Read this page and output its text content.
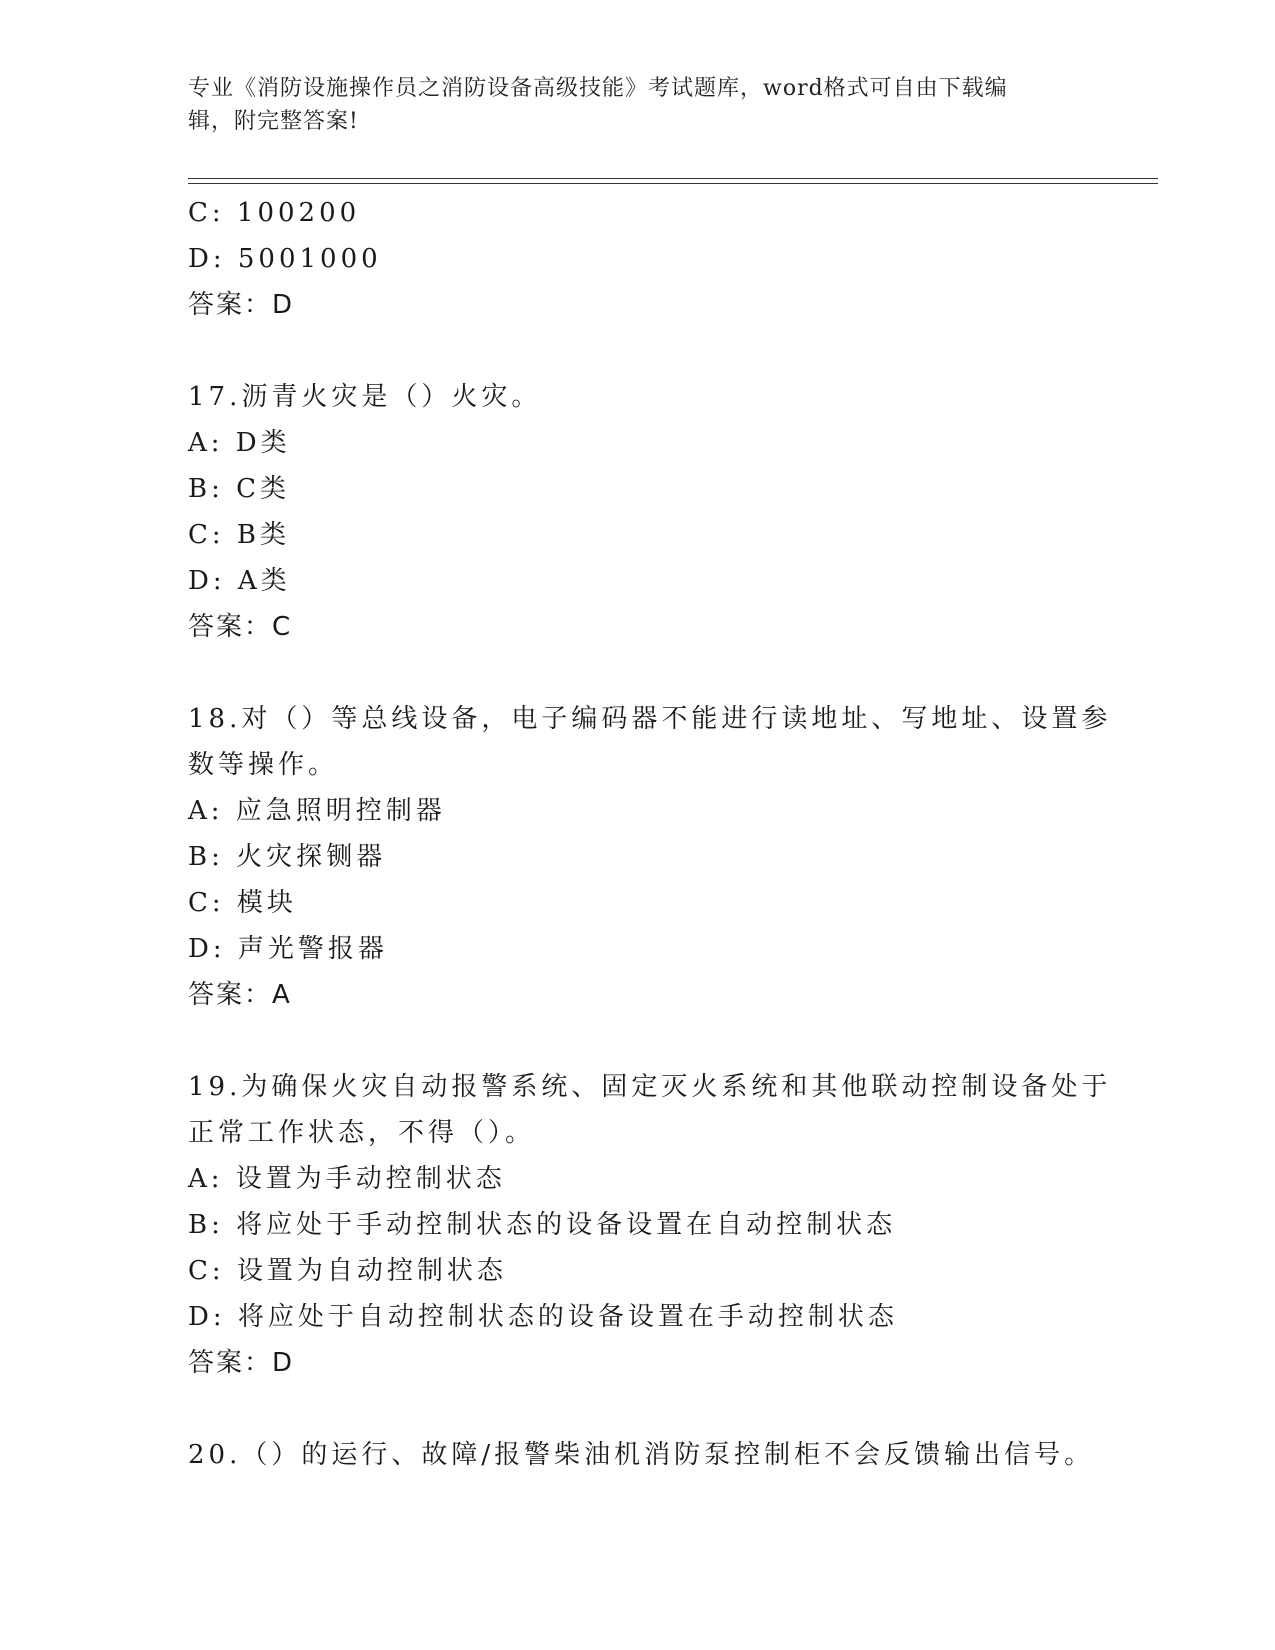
专业《消防设施操作员之消防设备高级技能》考试题库，word格式可自由下载编
辑，附完整答案!
C: 100200
D: 5001000
答案：D
17.沥青火灾是（）火灾。
A: D类
B: C类
C: B类
D: A类
答案：C
18.对（）等总线设备，电子编码器不能进行读地址、写地址、设置参
数等操作。
A: 应急照明控制器
B: 火灾探铡器
C: 模块
D: 声光警报器
答案：A
19.为确保火灾自动报警系统、固定灭火系统和其他联动控制设备处于
正常工作状态，不得（）。
A: 设置为手动控制状态
B: 将应处于手动控制状态的设备设置在自动控制状态
C: 设置为自动控制状态
D: 将应处于自动控制状态的设备设置在手动控制状态
答案：D
20.（）的运行、故障/报警柴油机消防泵控制柜不会反馈输出信号。
